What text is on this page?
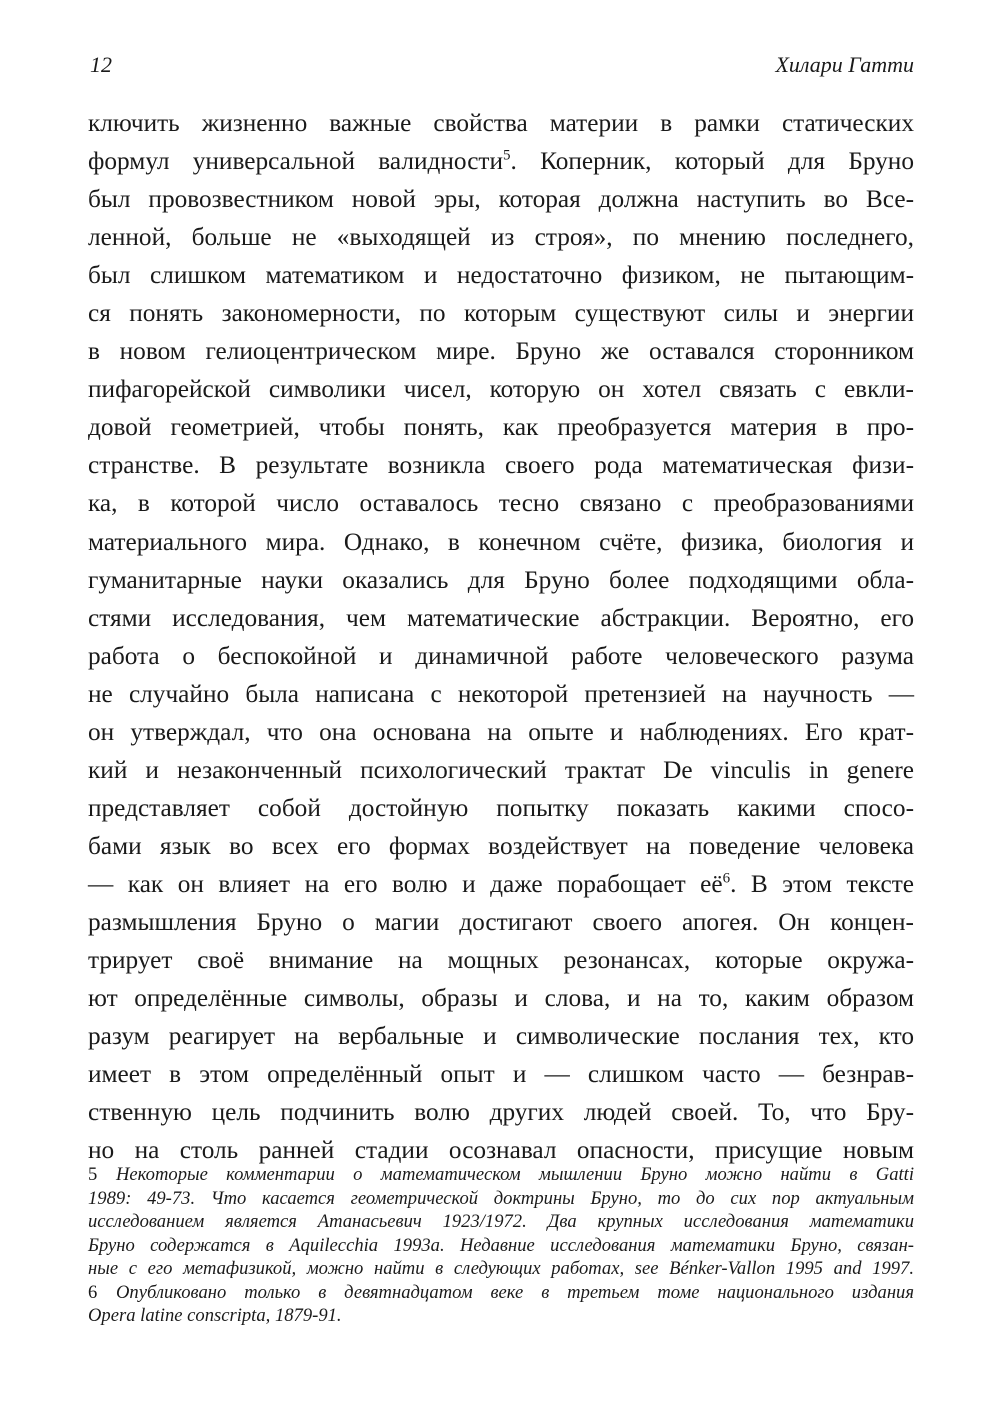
12	Хилари Гатти
ключить жизненно важные свойства материи в рамки статических
формул универсальной валидности$^5$. Коперник, который для Бруно
был провозвестником новой эры, которая должна наступить во Все-
ленной, больше не «выходящей из строя», по мнению последнего,
был слишком математиком и недостаточно физиком, не пытающим-
ся понять закономерности, по которым существуют силы и энергии
в новом гелиоцентрическом мире. Бруно же оставался сторонником
пифагорейской символики чисел, которую он хотел связать с евкли-
довой геометрией, чтобы понять, как преобразуется материя в про-
странстве. В результате возникла своего рода математическая физи-
ка, в которой число оставалось тесно связано с преобразованиями
материального мира. Однако, в конечном счёте, физика, биология и
гуманитарные науки оказались для Бруно более подходящими обла-
стями исследования, чем математические абстракции. Вероятно, его
работа о беспокойной и динамичной работе человеческого разума
не случайно была написана с некоторой претензией на научность —
он утверждал, что она основана на опыте и наблюдениях. Его крат-
кий и незаконченный психологический трактат De vinculis in genere
представляет собой достойную попытку показать какими спосо-
бами язык во всех его формах воздействует на поведение человека
— как он влияет на его волю и даже порабощает её$^6$. В этом тексте
размышления Бруно о магии достигают своего апогея. Он концен-
трирует своё внимание на мощных резонансах, которые окружа-
ют определённые символы, образы и слова, и на то, каким образом
разум реагирует на вербальные и символические послания тех, кто
имеет в этом определённый опыт и — слишком часто — безнрав-
ственную цель подчинить волю других людей своей. То, что Бру-
но на столь ранней стадии осознавал опасности, присущие новым
5 Некоторые комментарии о математическом мышлении Бруно можно найти в Gatti
1989: 49-73. Что касается геометрической доктрины Бруно, то до сих пор актуальным
исследованием является Атанасьевич 1923/1972. Два крупных исследования математики
Бруно содержатся в Aquilecchia 1993a. Недавние исследования математики Бруно, связан-
ные с его метафизикой, можно найти в следующих работах, see Bénker-Vallon 1995 and 1997.
6 Опубликовано только в девятнадцатом веке в третьем томе национального издания
Opera latine conscripta, 1879-91.
